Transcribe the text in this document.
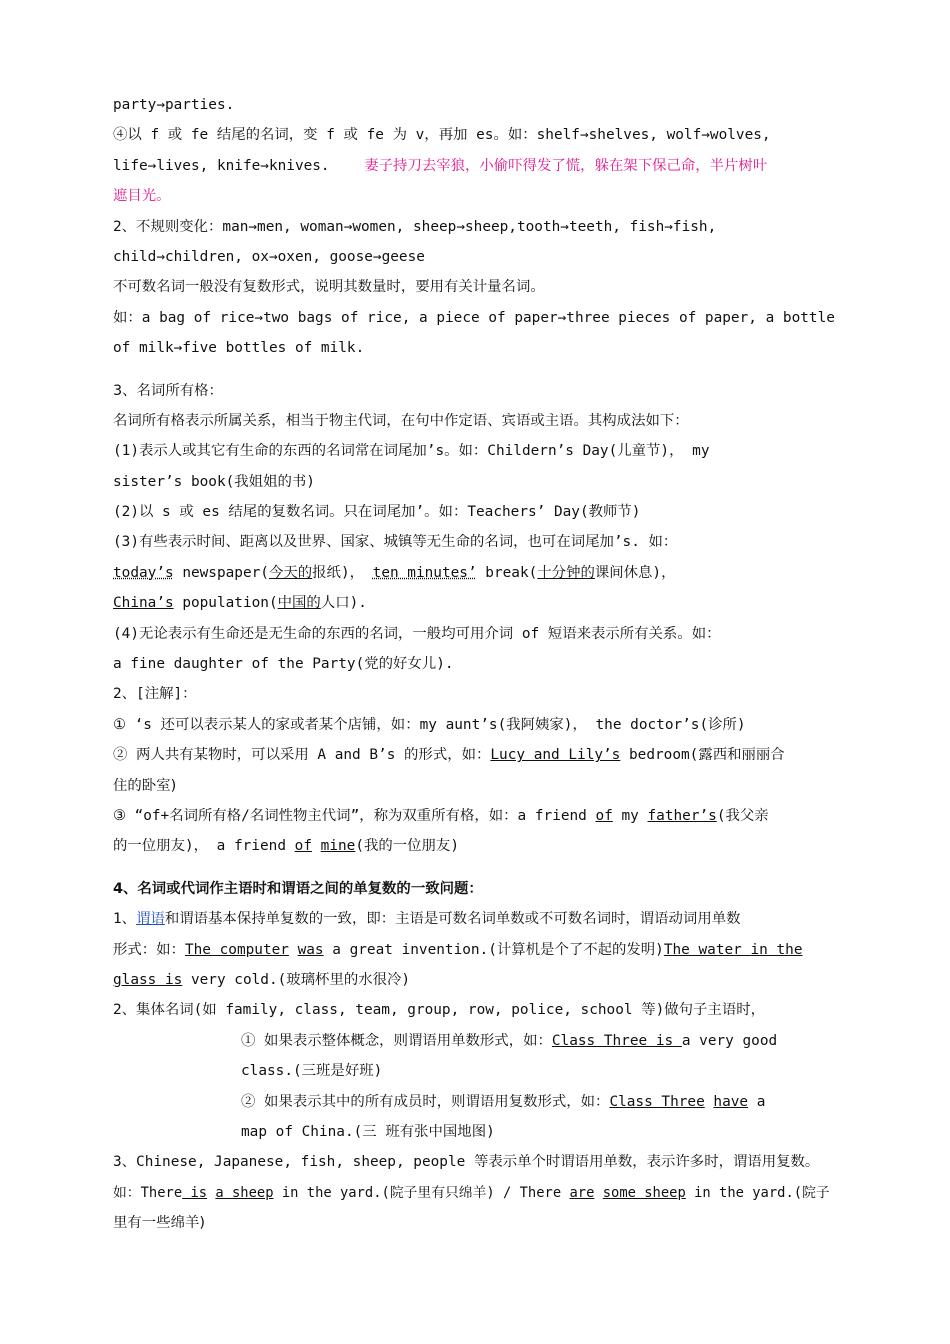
party→parties.
④以 f 或 fe 结尾的名词，变 f 或 fe 为 v，再加 es。如：shelf→shelves, wolf→wolves,
life→lives, knife→knives. 妻子持刀去宰狼，小偷吓得发了慌，躲在架下保己命，半片树叶
遮目光。
2、不规则变化：man→men, woman→women, sheep→sheep,tooth→teeth, fish→fish,
child→children, ox→oxen, goose→geese
不可数名词一般没有复数形式，说明其数量时，要用有关计量名词。
如：a bag of rice→two bags of rice, a piece of paper→three pieces of paper, a bottle
of milk→five bottles of milk.
3、名词所有格：
名词所有格表示所属关系，相当于物主代词，在句中作定语、宾语或主语。其构成法如下：
(1)表示人或其它有生命的东西的名词常在词尾加’s。如：Childern’s Day(儿童节)， my
sister’s book(我姐姐的书)
(2)以 s 或 es 结尾的复数名词。只在词尾加’。如：Teachers’ Day(教师节)
(3)有些表示时间、距离以及世界、国家、城镇等无生命的名词，也可在词尾加’s. 如：
today’s newspaper(今天的报纸)， ten minutes’ break(十分钟的课间休息)，
China’s population(中国的人口).
(4)无论表示有生命还是无生命的东西的名词，一般均可用介词 of 短语来表示所有关系。如：
a fine daughter of the Party(党的好女儿).
2、[注解]：
① ‘s 还可以表示某人的家或者某个店铺，如：my aunt’s(我阿姨家)， the doctor’s(诊所)
② 两人共有某物时，可以采用 A and B’s 的形式，如：Lucy and Lily’s bedroom(露西和丽丽合
住的卧室)
③ “of+名词所有格/名词性物主代词”，称为双重所有格，如：a friend of my father’s(我父亲
的一位朋友)， a friend of mine(我的一位朋友)
4、名词或代词作主语时和谓语之间的单复数的一致问题：
1、谓语和谓语基本保持单复数的一致，即：主语是可数名词单数或不可数名词时，谓语动词用单数
形式：如：The computer was a great invention.(计算机是个了不起的发明)The water in the
glass is very cold.(玻璃杯里的水很冷)
2、集体名词(如 family, class, team, group, row, police, school 等)做句子主语时，
① 如果表示整体概念，则谓语用单数形式，如：Class Three is a very good
class.(三班是好班)
② 如果表示其中的所有成员时，则谓语用复数形式，如：Class Three have a
map of China.(三 班有张中国地图)
3、Chinese, Japanese, fish, sheep, people 等表示单个时谓语用单数，表示许多时，谓语用复数。
如：There is a sheep in the yard.(院子里有只绵羊) / There are some sheep in the yard.(院子
里有一些绵羊)
